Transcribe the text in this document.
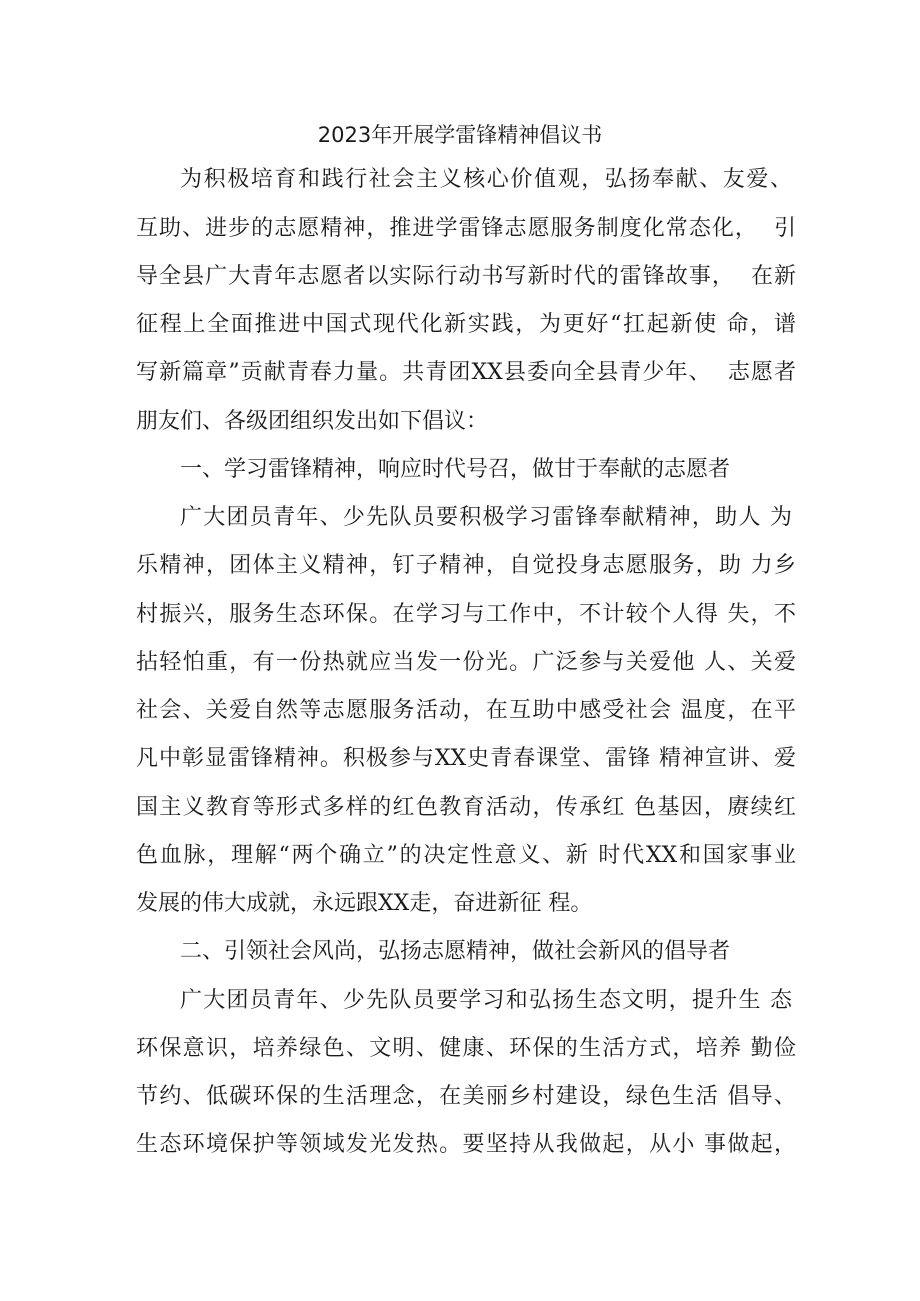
2023年开展学雷锋精神倡议书
为积极培育和践行社会主义核心价值观，弘扬奉献、友爱、
互助、进步的志愿精神，推进学雷锋志愿服务制度化常态化，  引
导全县广大青年志愿者以实际行动书写新时代的雷锋故事，  在新
征程上全面推进中国式现代化新实践，为更好“扛起新使 命，谱
写新篇章”贡献青春力量。共青团XX县委向全县青少年、  志愿者
朋友们、各级团组织发出如下倡议：
一、学习雷锋精神，响应时代号召，做甘于奉献的志愿者
广大团员青年、少先队员要积极学习雷锋奉献精神，助人 为
乐精神，团体主义精神，钉子精神，自觉投身志愿服务，助 力乡
村振兴，服务生态环保。在学习与工作中，不计较个人得 失，不
拈轻怕重，有一份热就应当发一份光。广泛参与关爱他 人、关爱
社会、关爱自然等志愿服务活动，在互助中感受社会 温度，在平
凡中彰显雷锋精神。积极参与XX史青春课堂、雷锋 精神宣讲、爱
国主义教育等形式多样的红色教育活动，传承红 色基因，赓续红
色血脉，理解“两个确立”的决定性意义、新 时代XX和国家事业
发展的伟大成就，永远跟XX走，奋进新征 程。
二、引领社会风尚，弘扬志愿精神，做社会新风的倡导者
广大团员青年、少先队员要学习和弘扬生态文明，提升生 态
环保意识，培养绿色、文明、健康、环保的生活方式，培养 勤俭
节约、低碳环保的生活理念，在美丽乡村建设，绿色生活 倡导、
生态环境保护等领域发光发热。要坚持从我做起，从小 事做起，
